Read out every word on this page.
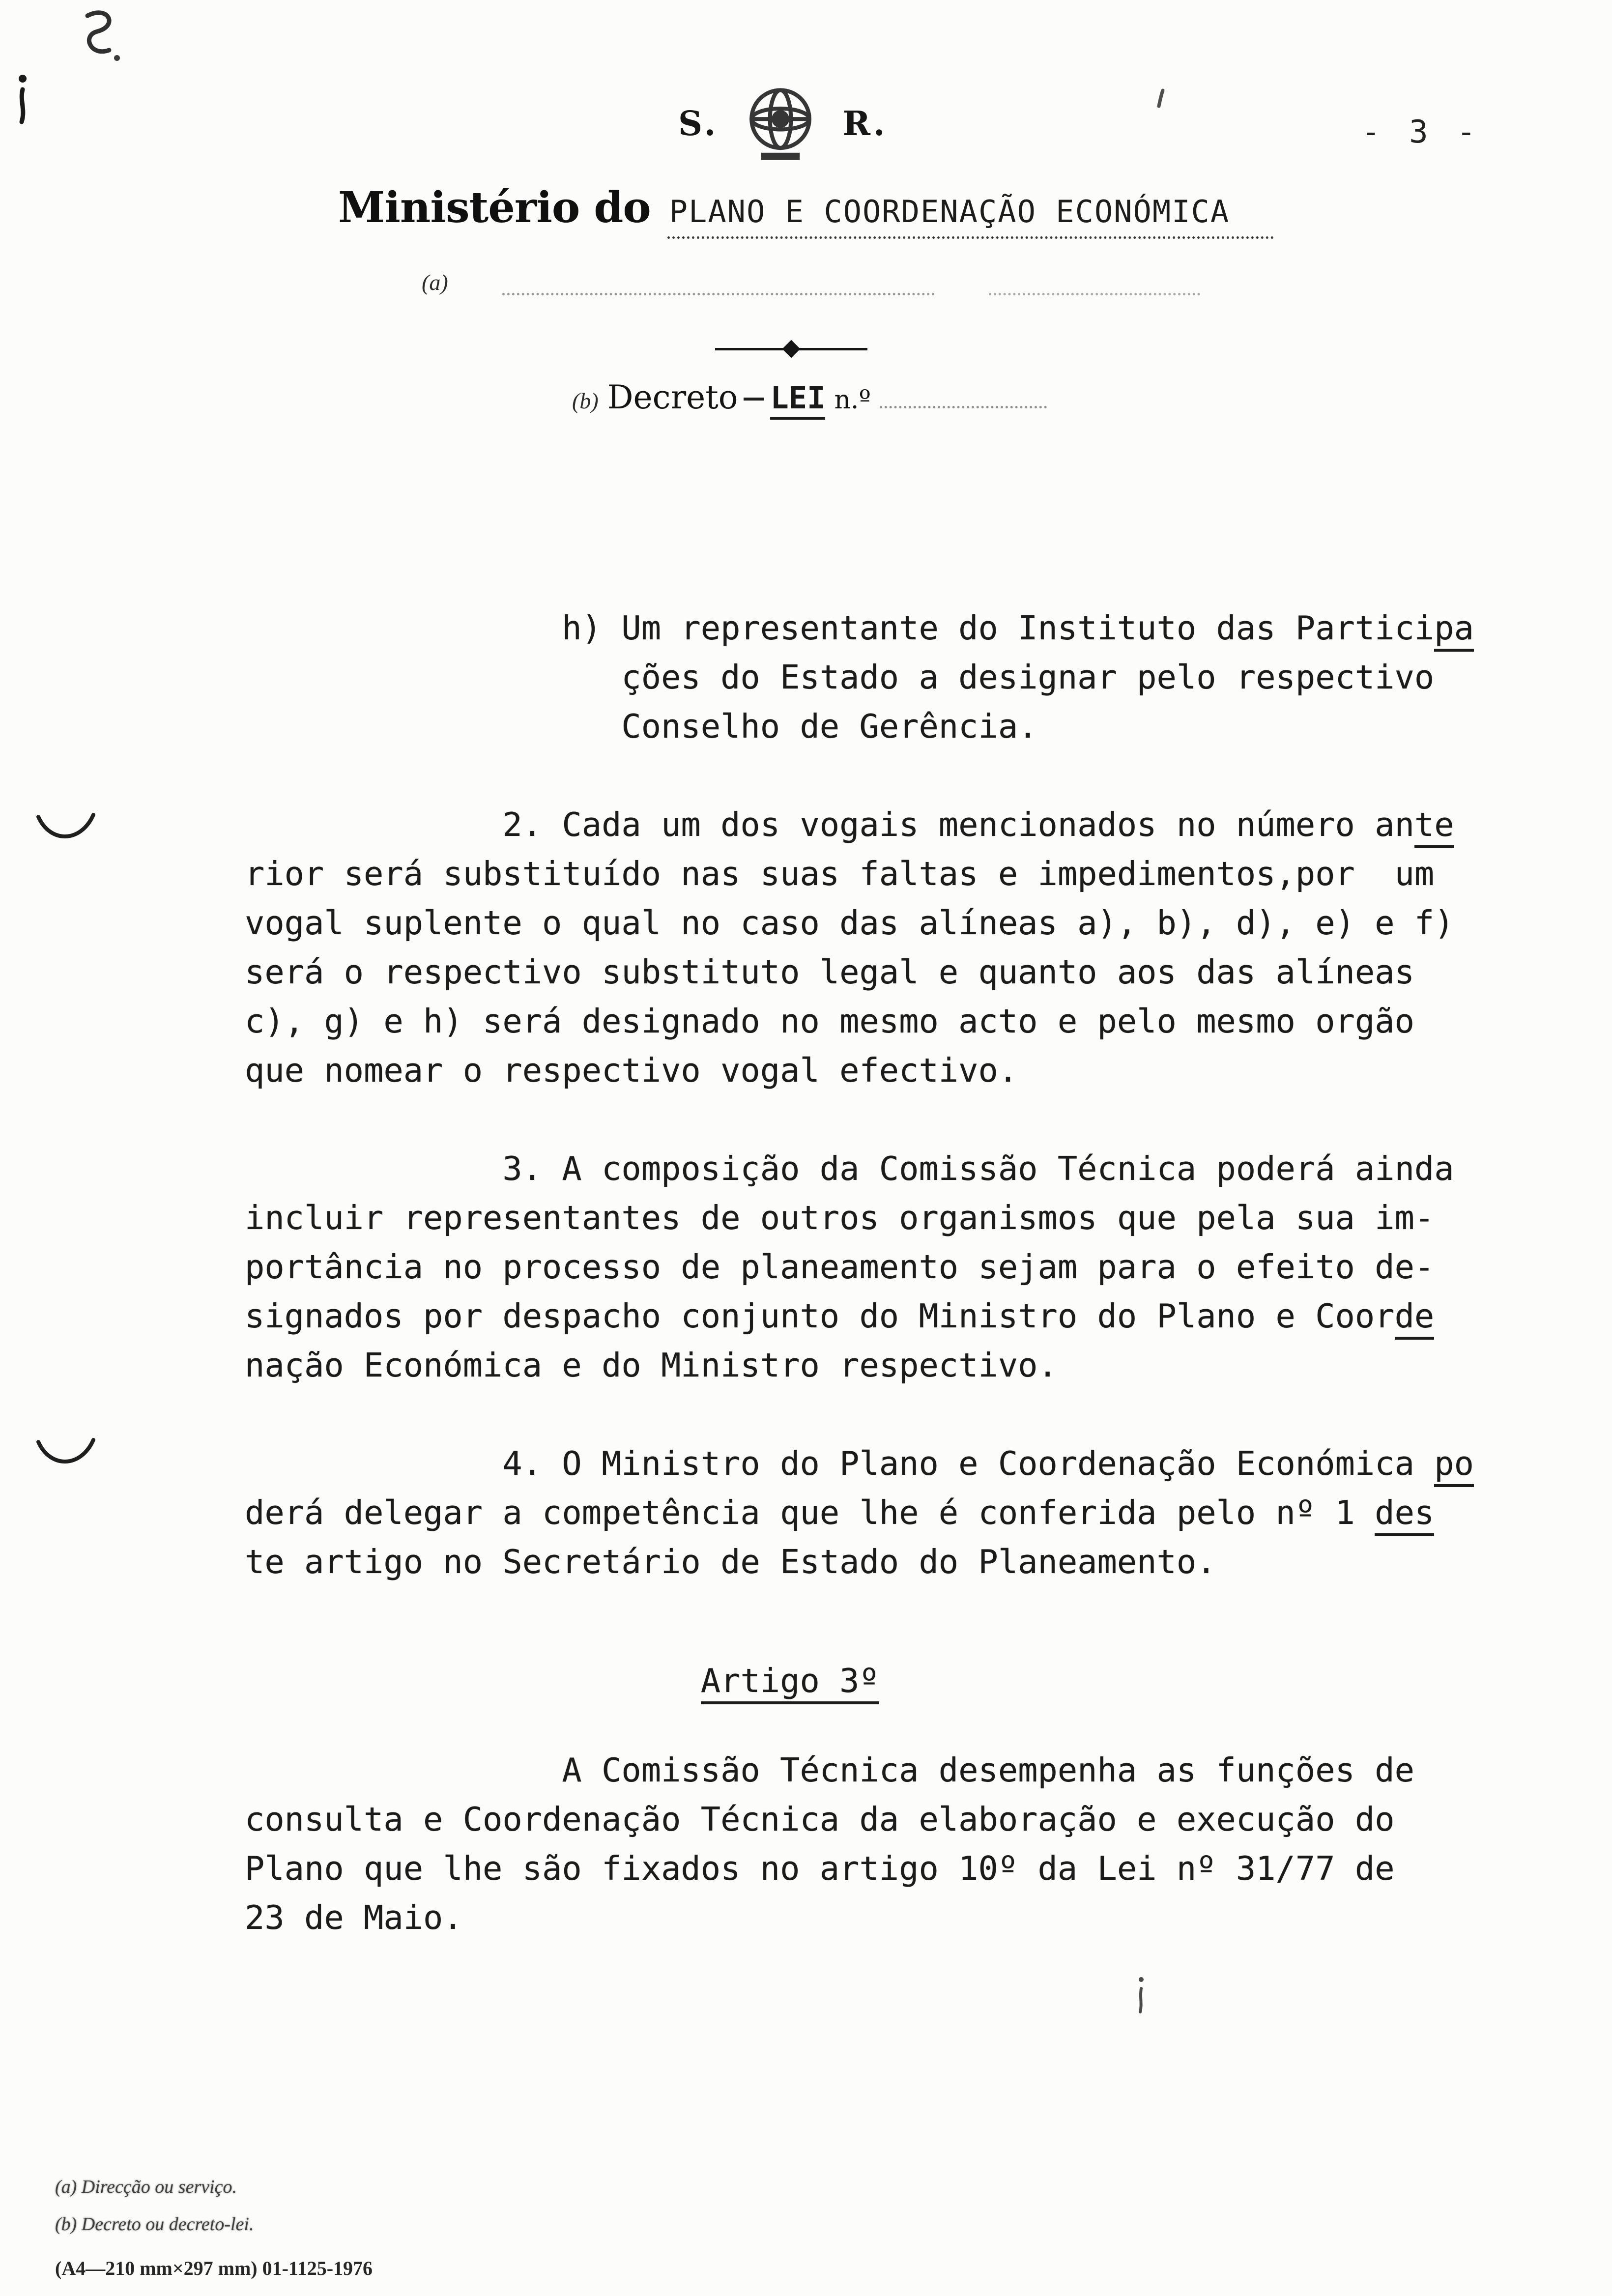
S.	R.	- 3 -
Ministério do PLANO E COORDENAÇÃO ECONÓMICA
(a)
(b) Decreto LEI n.º
h) Um representante do Instituto das Participa
ções do Estado a designar pelo respectivo
Conselho de Gerência.
2. Cada um dos vogais mencionados no número ante
rior será substituído nas suas faltas e impedimentos,por  um
vogal suplente o qual no caso das alíneas a), b), d), e) e f)
será o respectivo substituto legal e quanto aos das alíneas
c), g) e h) será designado no mesmo acto e pelo mesmo orgão
que nomear o respectivo vogal efectivo.
3. A composição da Comissão Técnica poderá ainda
incluir representantes de outros organismos que pela sua im-
portância no processo de planeamento sejam para o efeito de-
signados por despacho conjunto do Ministro do Plano e Coorde
nação Económica e do Ministro respectivo.
4. O Ministro do Plano e Coordenação Económica po
derá delegar a competência que lhe é conferida pelo nº 1 des
te artigo no Secretário de Estado do Planeamento.
Artigo 3º
A Comissão Técnica desempenha as funções de
consulta e Coordenação Técnica da elaboração e execução do
Plano que lhe são fixados no artigo 10º da Lei nº 31/77 de
23 de Maio.
(a) Direcção ou serviço.
(b) Decreto ou decreto-lei.
(A4—210 mm×297 mm) 01-1125-1976
